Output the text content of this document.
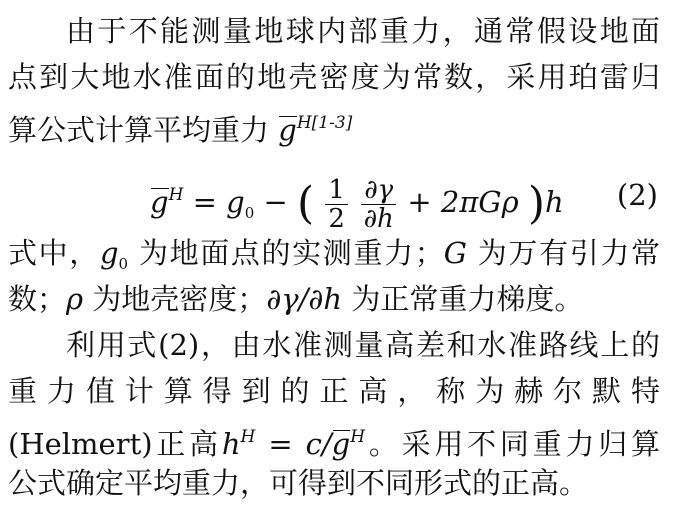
由于不能测量地球内部重力，通常假设地面
点到大地水准面的地壳密度为常数，采用珀雷归
算公式计算平均重力 $g^{H[1-3]}$
$g^H = g_0$ − ( $\frac{1}{2}$
$\frac{\partial\gamma}{\partial h} + 2\pi G\rho$ )h (2)
式中，$g_0$ 为地面点的实测重力；G 为万有引力常
数；ρ 为地壳密度；∂γ/∂h 为正常重力梯度。
利用式(2)，由水准测量高差和水准路线上的
重力值计算得到的正高，称为赫尔默特
(Helmert)正高$h^H = c/g^H$。采用不同重力归算
公式确定平均重力，可得到不同形式的正高。
